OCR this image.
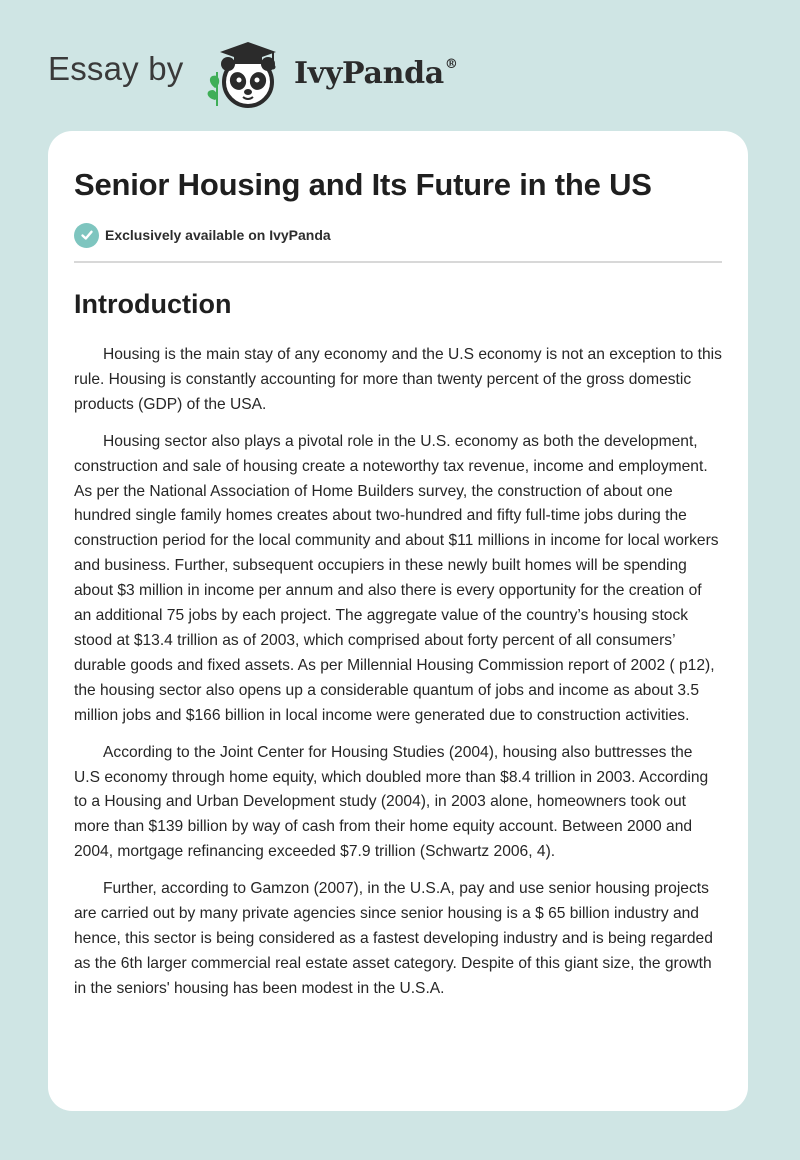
Essay by	IvyPanda®
Senior Housing and Its Future in the US
Exclusively available on IvyPanda
Introduction

Housing is the main stay of any economy and the U.S economy is not an exception to this rule. Housing is constantly accounting for more than twenty percent of the gross domestic products (GDP) of the USA.

Housing sector also plays a pivotal role in the U.S. economy as both the development, construction and sale of housing create a noteworthy tax revenue, income and employment. As per the National Association of Home Builders survey, the construction of about one hundred single family homes creates about two-hundred and fifty full-time jobs during the construction period for the local community and about $11 millions in income for local workers and business. Further, subsequent occupiers in these newly built homes will be spending about $3 million in income per annum and also there is every opportunity for the creation of an additional 75 jobs by each project. The aggregate value of the country’s housing stock stood at $13.4 trillion as of 2003, which comprised about forty percent of all consumers’ durable goods and fixed assets. As per Millennial Housing Commission report of 2002 ( p12), the housing sector also opens up a considerable quantum of jobs and income as about 3.5 million jobs and $166 billion in local income were generated due to construction activities.

According to the Joint Center for Housing Studies (2004), housing also buttresses the U.S economy through home equity, which doubled more than $8.4 trillion in 2003. According to a Housing and Urban Development study (2004), in 2003 alone, homeowners took out more than $139 billion by way of cash from their home equity account. Between 2000 and 2004, mortgage refinancing exceeded $7.9 trillion (Schwartz 2006, 4).

Further, according to Gamzon (2007), in the U.S.A, pay and use senior housing projects are carried out by many private agencies since senior housing is a $ 65 billion industry and hence, this sector is being considered as a fastest developing industry and is being regarded as the 6th larger commercial real estate asset category. Despite of this giant size, the growth in the seniors' housing has been modest in the U.S.A.
